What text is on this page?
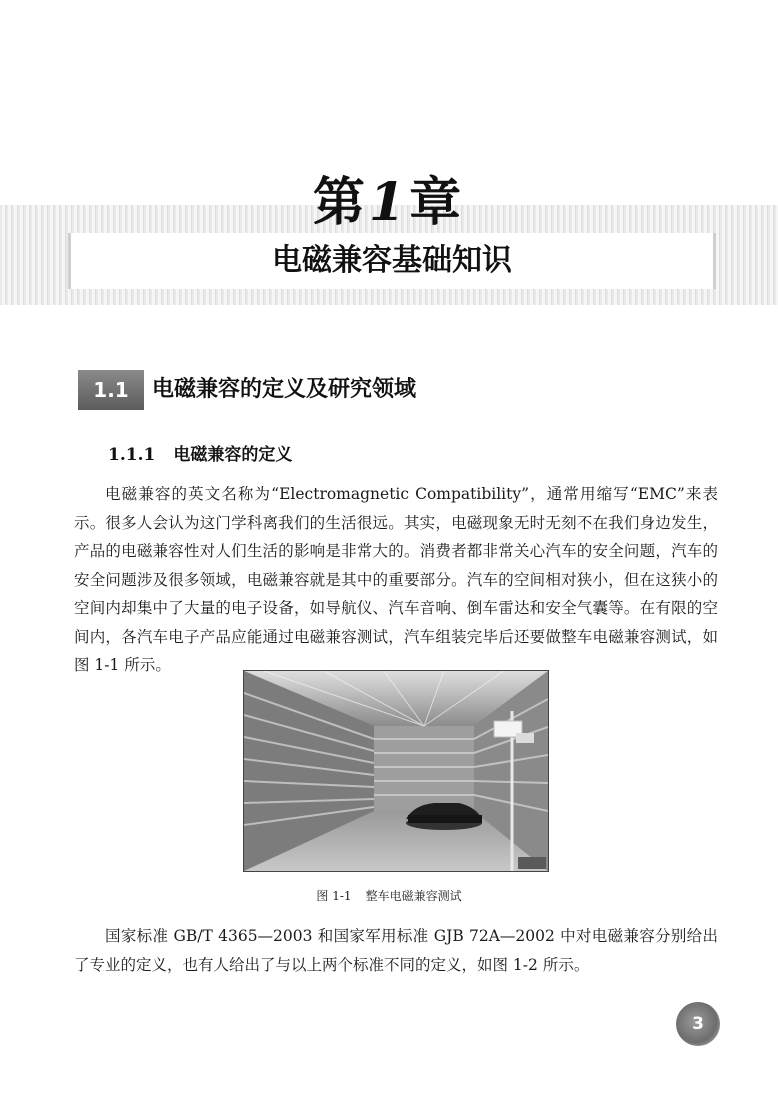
第1章
电磁兼容基础知识
1.1	电磁兼容的定义及研究领域
1.1.1 电磁兼容的定义
电磁兼容的英文名称为“Electromagnetic Compatibility”，通常用缩写“EMC”来表示。很多人会认为这门学科离我们的生活很远。其实，电磁现象无时无刻不在我们身边发生，产品的电磁兼容性对人们生活的影响是非常大的。消费者都非常关心汽车的安全问题，汽车的安全问题涉及很多领域，电磁兼容就是其中的重要部分。汽车的空间相对狭小，但在这狭小的空间内却集中了大量的电子设备，如导航仪、汽车音响、倒车雷达和安全气囊等。在有限的空间内，各汽车电子产品应能通过电磁兼容测试，汽车组装完毕后还要做整车电磁兼容测试，如图 1-1 所示。
图 1-1 整车电磁兼容测试
国家标准 GB/T 4365—2003 和国家军用标准 GJB 72A—2002 中对电磁兼容分别给出了专业的定义，也有人给出了与以上两个标准不同的定义，如图 1-2 所示。
3
